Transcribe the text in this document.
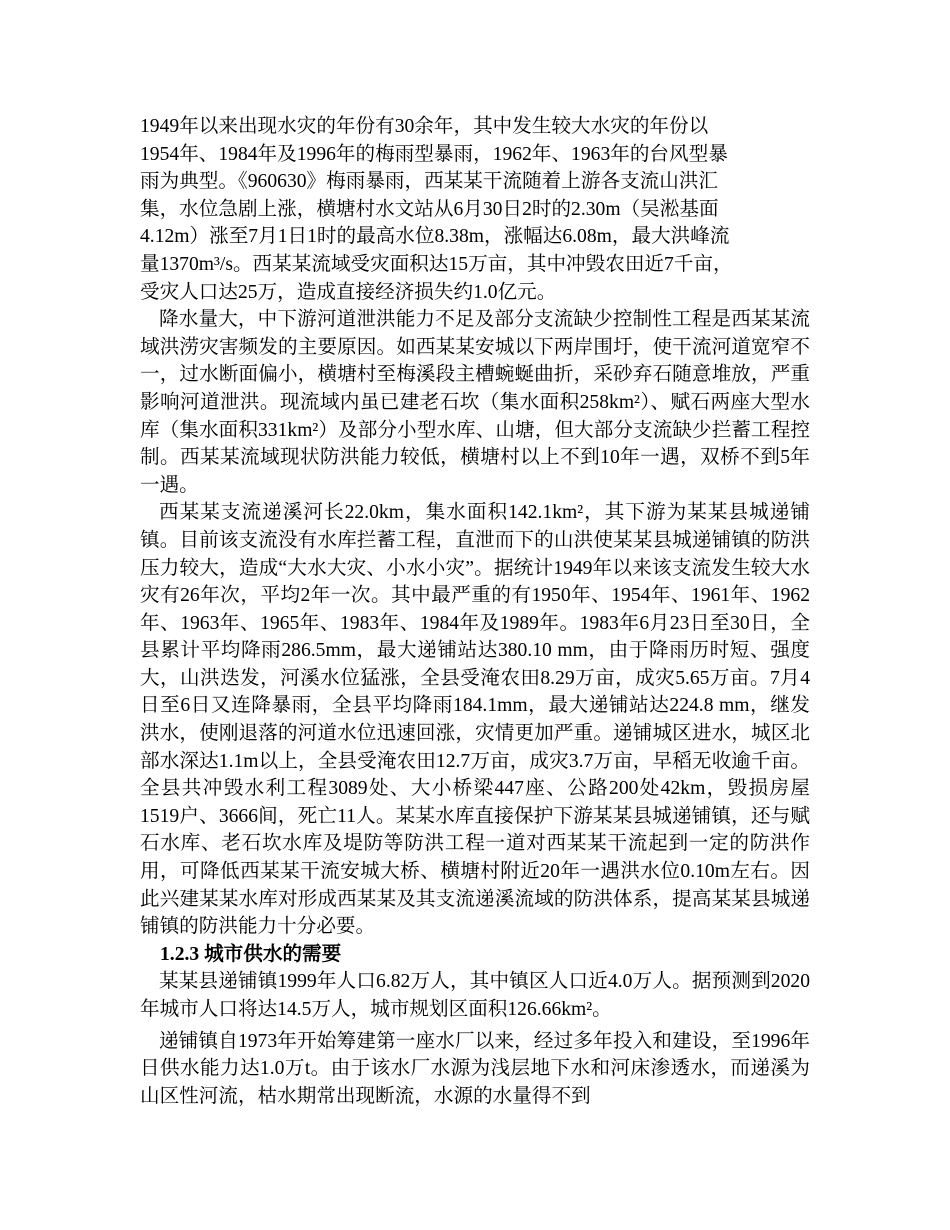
1949年以来出现水灾的年份有30余年，其中发生较大水灾的年份以
1954年、1984年及1996年的梅雨型暴雨，1962年、1963年的台风型暴
雨为典型。《960630》梅雨暴雨，西某某干流随着上游各支流山洪汇
集，水位急剧上涨，横塘村水文站从6月30日2时的2.30m（吴淞基面
4.12m）涨至7月1日1时的最高水位8.38m，涨幅达6.08m，最大洪峰流
量1370m³/s。西某某流域受灾面积达15万亩，其中冲毁农田近7千亩，
受灾人口达25万，造成直接经济损失约1.0亿元。

降水量大，中下游河道泄洪能力不足及部分支流缺少控制性工程是西某某流域洪涝灾害频发的主要原因。如西某某安城以下两岸围圩，使干流河道宽窄不一，过水断面偏小，横塘村至梅溪段主槽蜿蜒曲折，采砂弃石随意堆放，严重影响河道泄洪。现流域内虽已建老石坎（集水面积258km²）、赋石两座大型水库（集水面积331km²）及部分小型水库、山塘，但大部分支流缺少拦蓄工程控制。西某某流域现状防洪能力较低，横塘村以上不到10年一遇，双桥不到5年一遇。

西某某支流递溪河长22.0km，集水面积142.1km²，其下游为某某县城递铺镇。目前该支流没有水库拦蓄工程，直泄而下的山洪使某某县城递铺镇的防洪压力较大，造成“大水大灾、小水小灾”。据统计1949年以来该支流发生较大水灾有26年次，平均2年一次。其中最严重的有1950年、1954年、1961年、1962年、1963年、1965年、1983年、1984年及1989年。1983年6月23日至30日，全县累计平均降雨286.5mm，最大递铺站达380.10 mm，由于降雨历时短、强度大，山洪迭发，河溪水位猛涨，全县受淹农田8.29万亩，成灾5.65万亩。7月4日至6日又连降暴雨，全县平均降雨184.1mm，最大递铺站达224.8 mm，继发洪水，使刚退落的河道水位迅速回涨，灾情更加严重。递铺城区进水，城区北部水深达1.1m以上，全县受淹农田12.7万亩，成灾3.7万亩，早稻无收逾千亩。全县共冲毁水利工程3089处、大小桥梁447座、公路200处42km，毁损房屋1519户、3666间，死亡11人。某某水库直接保护下游某某县城递铺镇，还与赋石水库、老石坎水库及堤防等防洪工程一道对西某某干流起到一定的防洪作用，可降低西某某干流安城大桥、横塘村附近20年一遇洪水位0.10m左右。因此兴建某某水库对形成西某某及其支流递溪流域的防洪体系，提高某某县城递铺镇的防洪能力十分必要。

1.2.3 城市供水的需要

某某县递铺镇1999年人口6.82万人，其中镇区人口近4.0万人。据预测到2020年城市人口将达14.5万人，城市规划区面积126.66km²。

递铺镇自1973年开始筹建第一座水厂以来，经过多年投入和建设，至1996年日供水能力达1.0万t。由于该水厂水源为浅层地下水和河床渗透水，而递溪为山区性河流，枯水期常出现断流，水源的水量得不到
